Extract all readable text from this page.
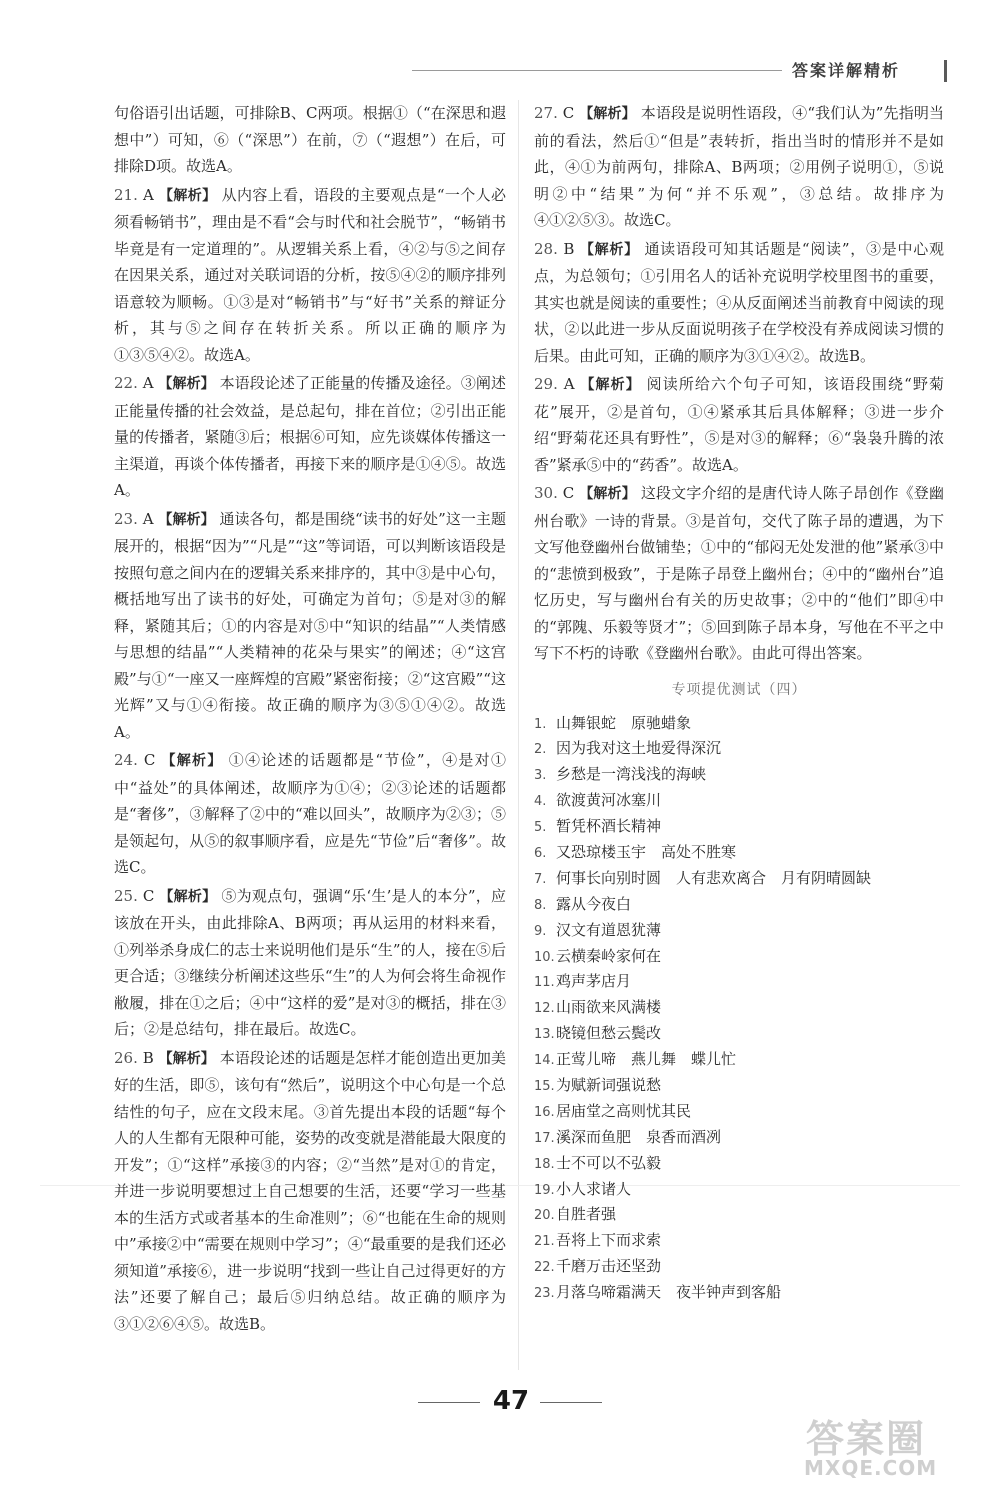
答案详解精析

句俗语引出话题，可排除B、C两项。根据①（“在深思和遐想中”）可知，⑥（“深思”）在前，⑦（“遐想”）在后，可排除D项。故选A。

21. A 【解析】 从内容上看，语段的主要观点是“一个人必须看畅销书”，理由是不看“会与时代和社会脱节”，“畅销书毕竟是有一定道理的”。从逻辑关系上看，④②与⑤之间存在因果关系，通过对关联词语的分析，按⑤④②的顺序排列语意较为顺畅。①③是对“畅销书”与“好书”关系的辩证分析，其与⑤之间存在转折关系。所以正确的顺序为①③⑤④②。故选A。

22. A 【解析】 本语段论述了正能量的传播及途径。③阐述正能量传播的社会效益，是总起句，排在首位；②引出正能量的传播者，紧随③后；根据⑥可知，应先谈媒体传播这一主渠道，再谈个体传播者，再接下来的顺序是①④⑤。故选A。

23. A 【解析】 通读各句，都是围绕“读书的好处”这一主题展开的，根据“因为”“凡是”“这”等词语，可以判断该语段是按照句意之间内在的逻辑关系来排序的，其中③是中心句，概括地写出了读书的好处，可确定为首句；⑤是对③的解释，紧随其后；①的内容是对⑤中“知识的结晶”“人类情感与思想的结晶”“人类精神的花朵与果实”的阐述；④“这宫殿”与①“一座又一座辉煌的宫殿”紧密衔接；②“这宫殿”“这光辉”又与①④衔接。故正确的顺序为③⑤①④②。故选A。

24. C 【解析】 ①④论述的话题都是“节俭”，④是对①中“益处”的具体阐述，故顺序为①④；②③论述的话题都是“奢侈”，③解释了②中的“难以回头”，故顺序为②③；⑤是领起句，从⑤的叙事顺序看，应是先“节俭”后“奢侈”。故选C。

25. C 【解析】 ⑤为观点句，强调“乐‘生’是人的本分”，应该放在开头，由此排除A、B两项；再从运用的材料来看，①列举杀身成仁的志士来说明他们是乐“生”的人，接在⑤后更合适；③继续分析阐述这些乐“生”的人为何会将生命视作敝履，排在①之后；④中“这样的爱”是对③的概括，排在③后；②是总结句，排在最后。故选C。

26. B 【解析】 本语段论述的话题是怎样才能创造出更加美好的生活，即⑤，该句有“然后”，说明这个中心句是一个总结性的句子，应在文段末尾。③首先提出本段的话题“每个人的人生都有无限种可能，姿势的改变就是潜能最大限度的开发”；①“这样”承接③的内容；②“当然”是对①的肯定，并进一步说明要想过上自己想要的生活，还要“学习一些基本的生活方式或者基本的生命准则”；⑥“也能在生命的规则中”承接②中“需要在规则中学习”；④“最重要的是我们还必须知道”承接⑥，进一步说明“找到一些让自己过得更好的方法”还要了解自己；最后⑤归纳总结。故正确的顺序为③①②⑥④⑤。故选B。

27. C 【解析】 本语段是说明性语段，④“我们认为”先指明当前的看法，然后①“但是”表转折，指出当时的情形并不是如此，④①为前两句，排除A、B两项；②用例子说明①，⑤说明②中“结果”为何“并不乐观”，③总结。故排序为④①②⑤③。故选C。

28. B 【解析】 通读语段可知其话题是“阅读”，③是中心观点，为总领句；①引用名人的话补充说明学校里图书的重要，其实也就是阅读的重要性；④从反面阐述当前教育中阅读的现状，②以此进一步从反面说明孩子在学校没有养成阅读习惯的后果。由此可知，正确的顺序为③①④②。故选B。

29. A 【解析】 阅读所给六个句子可知，该语段围绕“野菊花”展开，②是首句，①④紧承其后具体解释；③进一步介绍“野菊花还具有野性”，⑤是对③的解释；⑥“袅袅升腾的浓香”紧承⑤中的“药香”。故选A。

30. C 【解析】 这段文字介绍的是唐代诗人陈子昂创作《登幽州台歌》一诗的背景。③是首句，交代了陈子昂的遭遇，为下文写他登幽州台做铺垫；①中的“郁闷无处发泄的他”紧承③中的“悲愤到极致”，于是陈子昂登上幽州台；④中的“幽州台”追忆历史，写与幽州台有关的历史故事；②中的“他们”即④中的“郭隗、乐毅等贤才”；⑤回到陈子昂本身，写他在不平之中写下不朽的诗歌《登幽州台歌》。由此可得出答案。

专项提优测试（四）
1. 山舞银蛇　原驰蜡象
2. 因为我对这土地爱得深沉
3. 乡愁是一湾浅浅的海峡
4. 欲渡黄河冰塞川
5. 暂凭杯酒长精神
6. 又恐琼楼玉宇　高处不胜寒
7. 何事长向别时圆　人有悲欢离合　月有阴晴圆缺
8. 露从今夜白
9. 汉文有道恩犹薄
10.云横秦岭家何在
11.鸡声茅店月
12.山雨欲来风满楼
13.晓镜但愁云鬓改
14.正莺儿啼　燕儿舞　蝶儿忙
15.为赋新词强说愁
16.居庙堂之高则忧其民
17.溪深而鱼肥　泉香而酒冽
18.士不可以不弘毅
19.小人求诸人
20.自胜者强
21.吾将上下而求索
22.千磨万击还坚劲
23.月落乌啼霜满天　夜半钟声到客船
47
答案圈
MXQE.COM
